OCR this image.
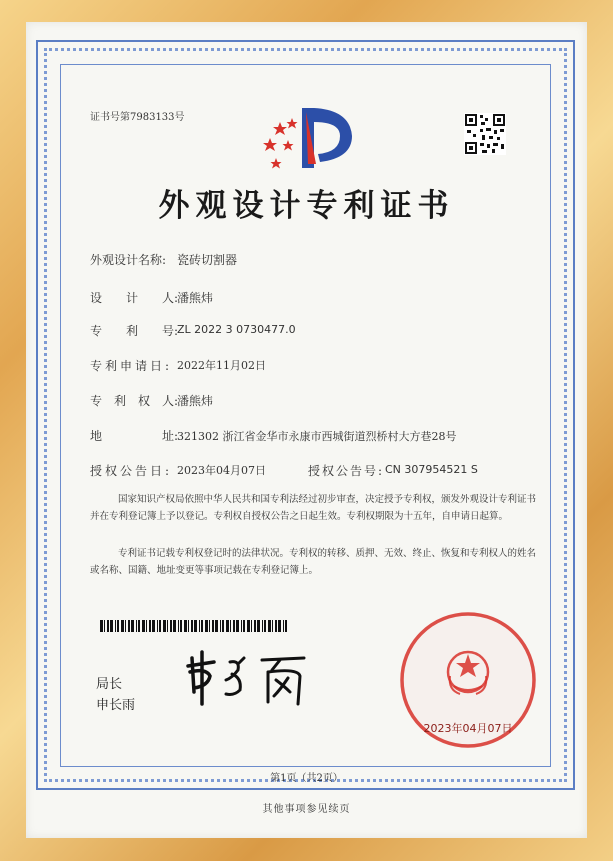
证书号第7983133号
外观设计专利证书
外观设计名称: 瓷砖切割器
设　　计　　人:
潘熊炜
专　　利　　号:
ZL 2022 3 0730477.0
专利申请日: 2022年11月02日
专　利　权　人:
潘熊炜
地　　　　　址:
321302 浙江省金华市永康市西城街道烈桥村大方巷28号
授权公告日: 2023年04月07日	授权公告号: CN 307954521 S
国家知识产权局依照中华人民共和国专利法经过初步审查，决定授予专利权，颁发外观设计专利证书并在专利登记簿上予以登记。专利权自授权公告之日起生效。专利权期限为十五年，自申请日起算。
专利证书记载专利权登记时的法律状况。专利权的转移、质押、无效、终止、恢复和专利权人的姓名或名称、国籍、地址变更等事项记载在专利登记簿上。
局长
申长雨
2023年04月07日
第1页（共2页）
其他事项参见续页
